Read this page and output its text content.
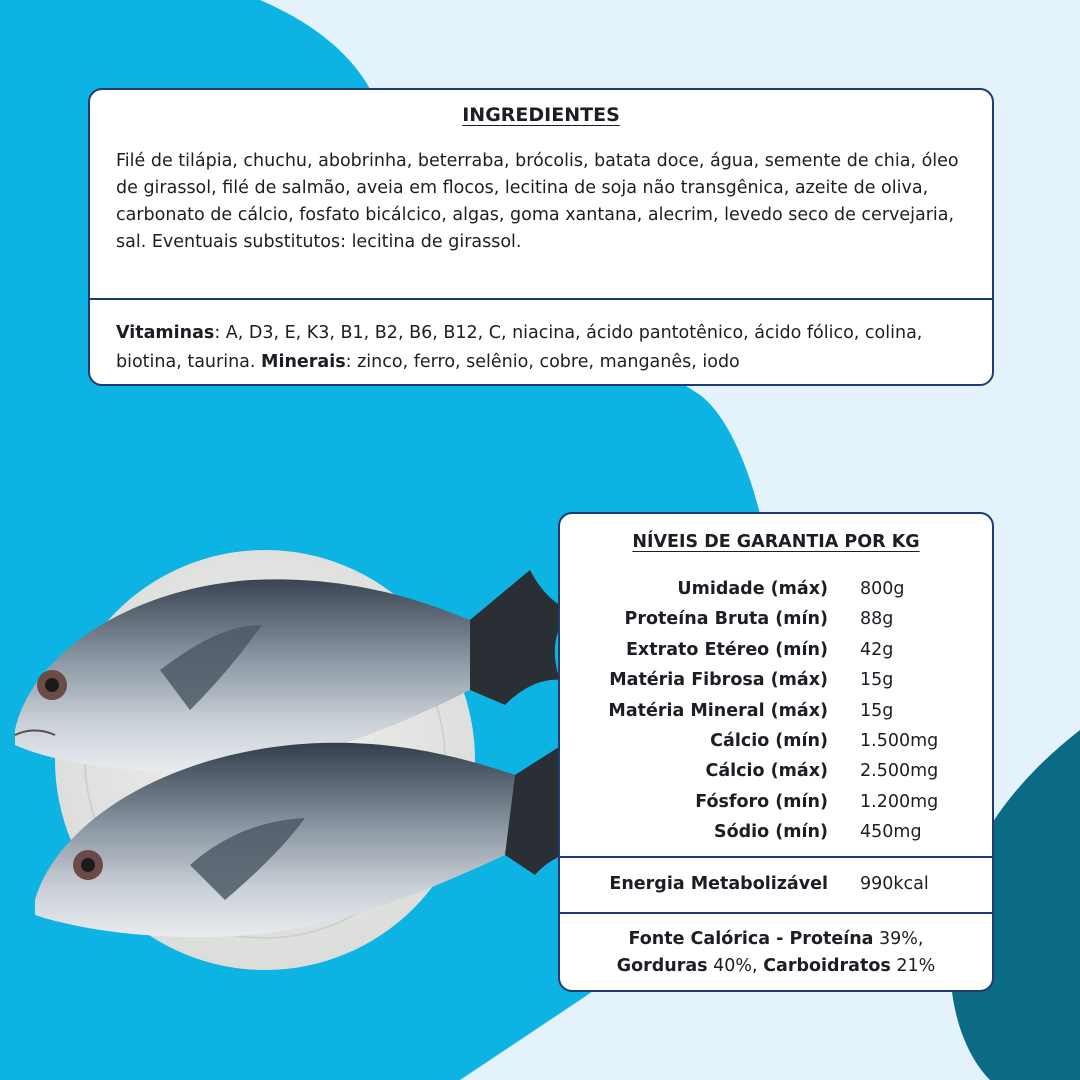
INGREDIENTES
Filé de tilápia, chuchu, abobrinha, beterraba, brócolis, batata doce, água, semente de chia, óleo de girassol, filé de salmão, aveia em flocos, lecitina de soja não transgênica, azeite de oliva, carbonato de cálcio, fosfato bicálcico, algas, goma xantana, alecrim, levedo seco de cervejaria, sal. Eventuais substitutos: lecitina de girassol.
Vitaminas: A, D3, E, K3, B1, B2, B6, B12, C, niacina, ácido pantotênico, ácido fólico, colina, biotina, taurina. Minerais: zinco, ferro, selênio, cobre, manganês, iodo
NÍVEIS DE GARANTIA POR KG
Umidade (máx) 800g
Proteína Bruta (mín) 88g
Extrato Etéreo (mín) 42g
Matéria Fibrosa (máx) 15g
Matéria Mineral (máx) 15g
Cálcio (mín) 1.500mg
Cálcio (máx) 2.500mg
Fósforo (mín) 1.200mg
Sódio (mín) 450mg
Energia Metabolizável 990kcal
Fonte Calórica - Proteína 39%,
Gorduras 40%, Carboidratos 21%
